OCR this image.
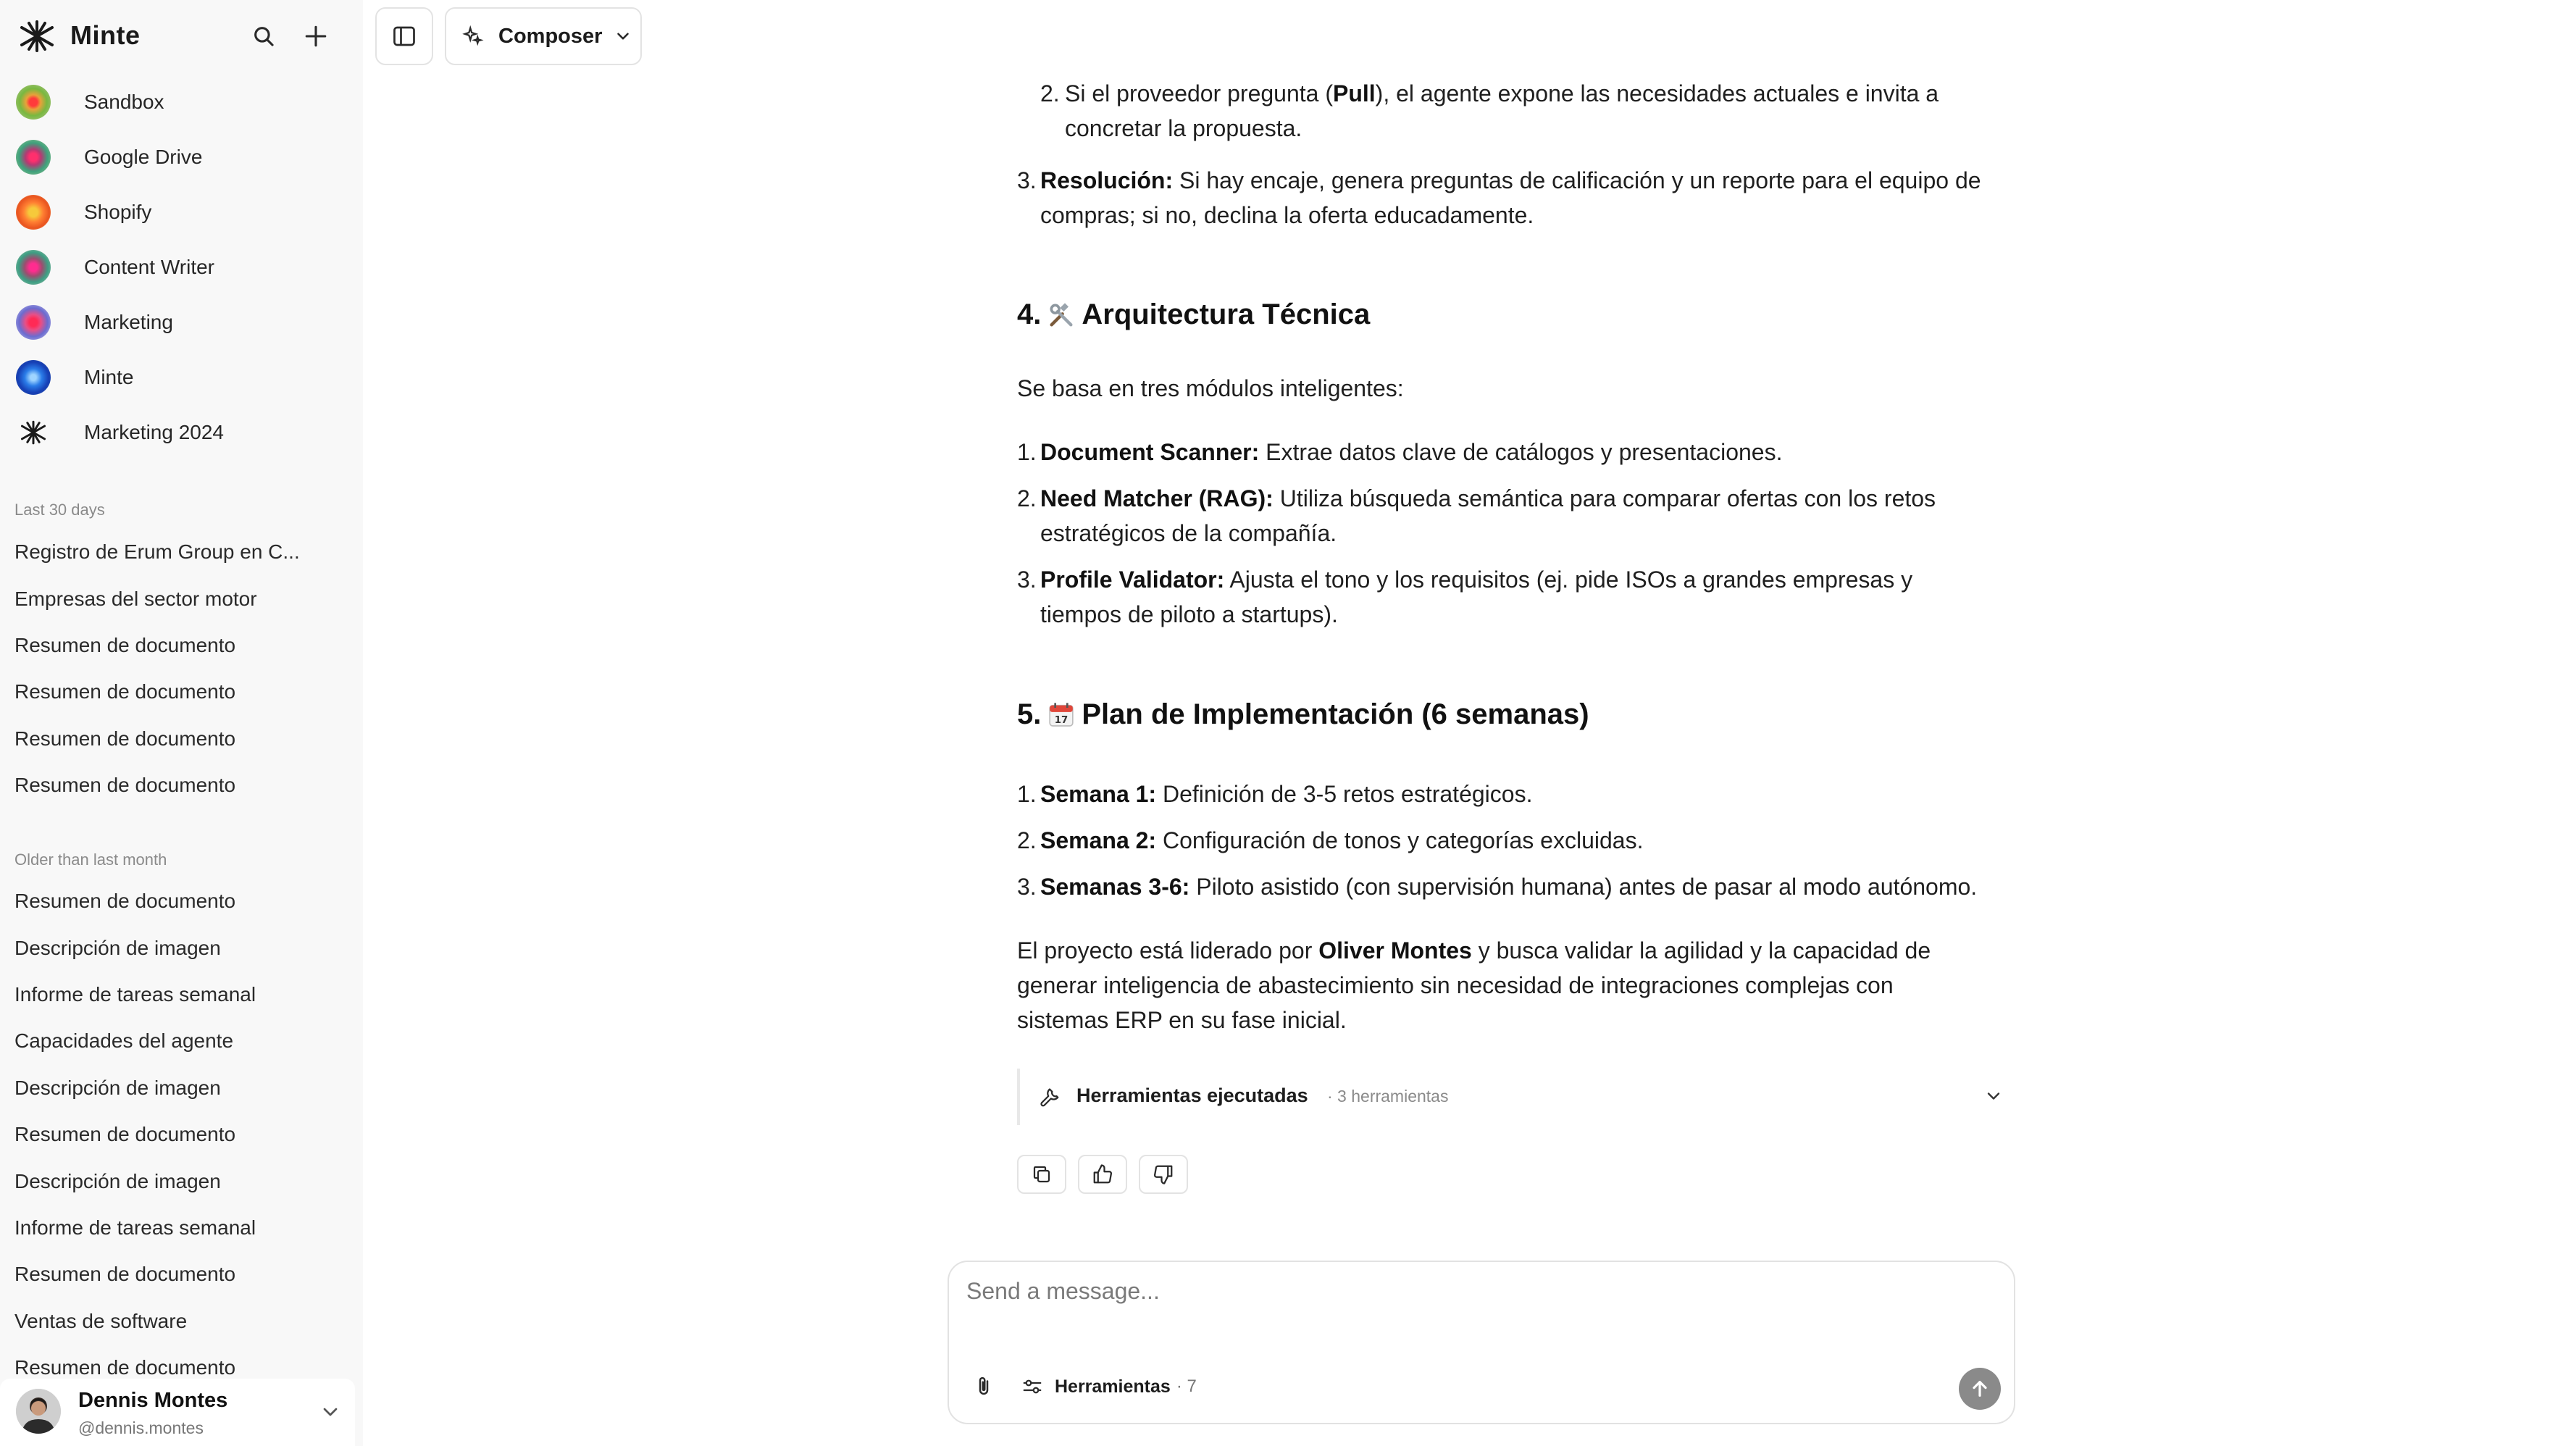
Minte
Sandbox
Google Drive
Shopify
Content Writer
Marketing
Minte
Marketing 2024
Last 30 days
Registro de Erum Group en C...
Empresas del sector motor
Resumen de documento
Resumen de documento
Resumen de documento
Resumen de documento
Older than last month
Resumen de documento
Descripción de imagen
Informe de tareas semanal
Capacidades del agente
Descripción de imagen
Resumen de documento
Descripción de imagen
Informe de tareas semanal
Resumen de documento
Ventas de software
Resumen de documento
Dennis Montes
@dennis.montes
Composer
2. Si el proveedor pregunta (Pull), el agente expone las necesidades actuales e invita a
concretar la propuesta.
3. Resolución: Si hay encaje, genera preguntas de calificación y un reporte para el equipo de
compras; si no, declina la oferta educadamente.
4. Arquitectura Técnica
Se basa en tres módulos inteligentes:
1. Document Scanner: Extrae datos clave de catálogos y presentaciones.
2. Need Matcher (RAG): Utiliza búsqueda semántica para comparar ofertas con los retos
estratégicos de la compañía.
3. Profile Validator: Ajusta el tono y los requisitos (ej. pide ISOs a grandes empresas y
tiempos de piloto a startups).
5. 17 Plan de Implementación (6 semanas)
1. Semana 1: Definición de 3-5 retos estratégicos.
2. Semana 2: Configuración de tonos y categorías excluidas.
3. Semanas 3-6: Piloto asistido (con supervisión humana) antes de pasar al modo autónomo.
El proyecto está liderado por Oliver Montes y busca validar la agilidad y la capacidad de
generar inteligencia de abastecimiento sin necesidad de integraciones complejas con
sistemas ERP en su fase inicial.
Herramientas ejecutadas · 3 herramientas
Send a message...
Herramientas · 7
